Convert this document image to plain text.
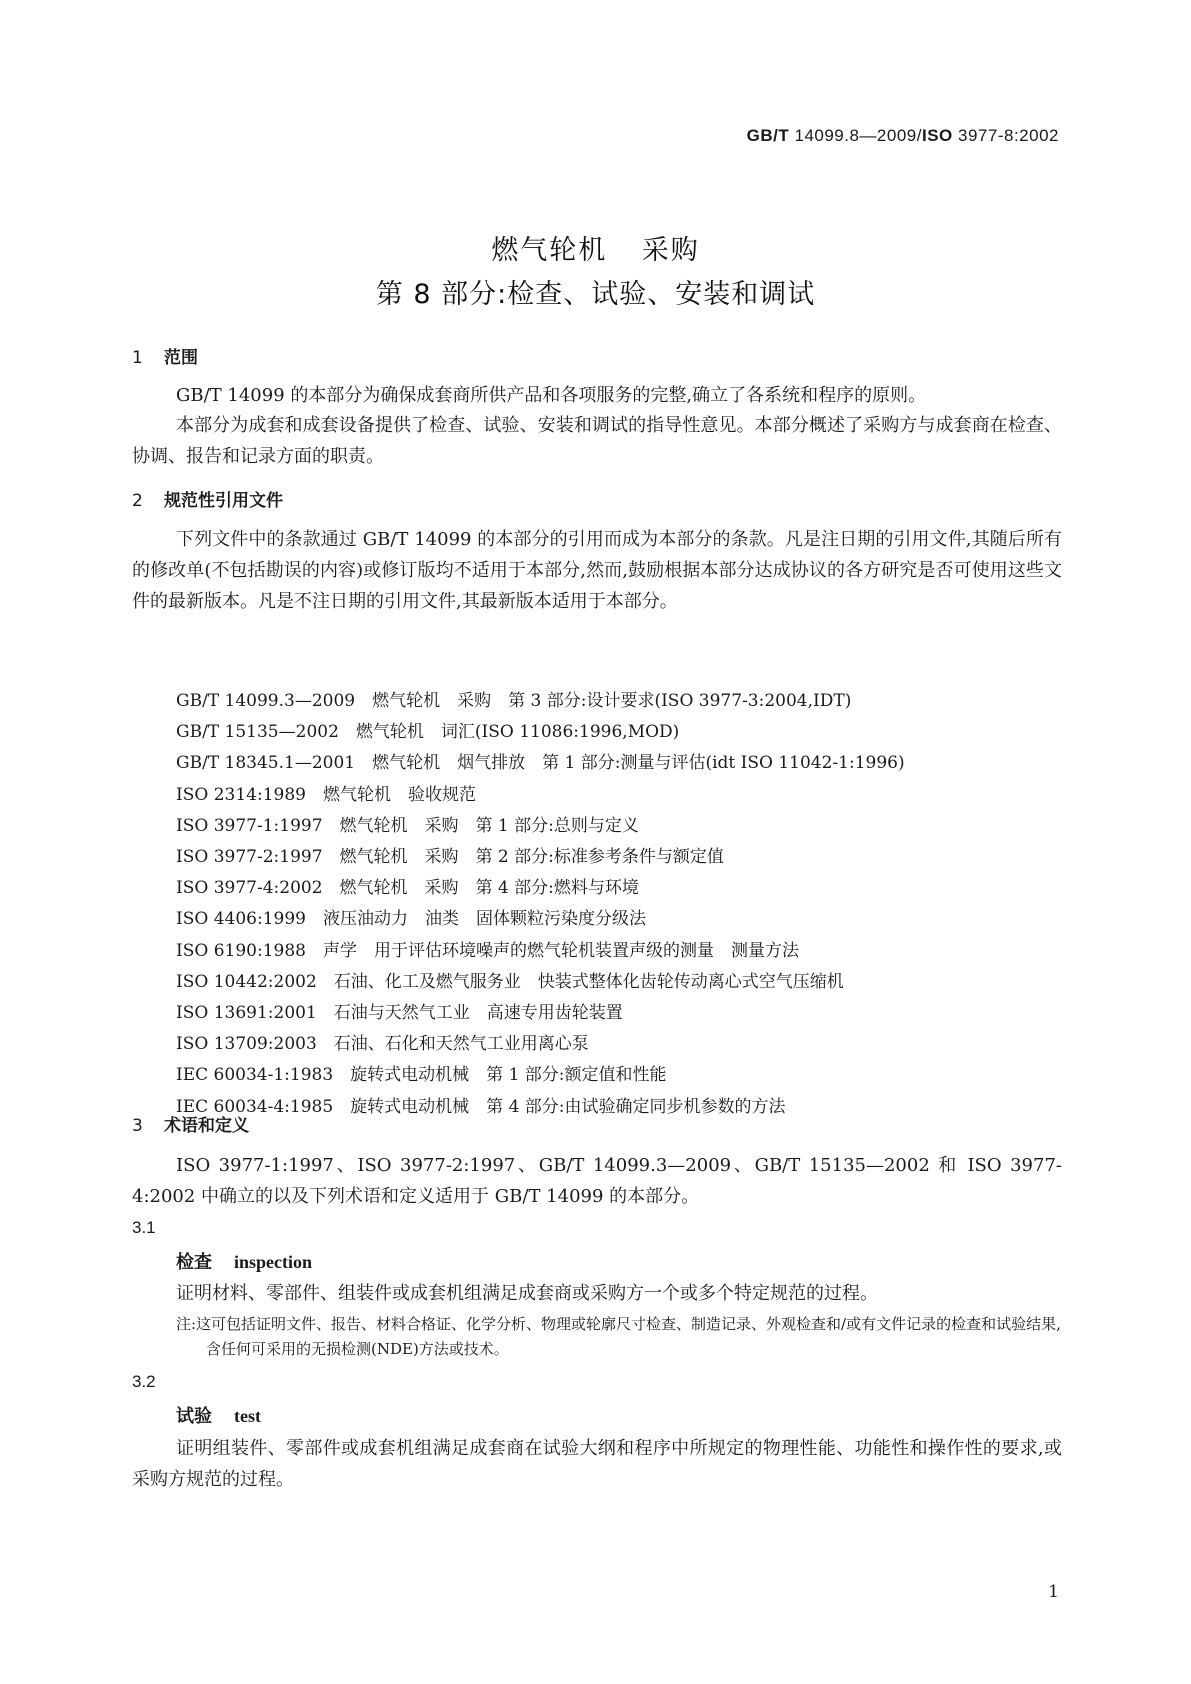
GB/T 14099.8—2009/ISO 3977-8:2002
燃气轮机 采购
第 8 部分:检查、试验、安装和调试
1 范围
GB/T 14099 的本部分为确保成套商所供产品和各项服务的完整,确立了各系统和程序的原则。
本部分为成套和成套设备提供了检查、试验、安装和调试的指导性意见。本部分概述了采购方与成套商在检查、协调、报告和记录方面的职责。
2 规范性引用文件
下列文件中的条款通过 GB/T 14099 的本部分的引用而成为本部分的条款。凡是注日期的引用文件,其随后所有的修改单(不包括勘误的内容)或修订版均不适用于本部分,然而,鼓励根据本部分达成协议的各方研究是否可使用这些文件的最新版本。凡是不注日期的引用文件,其最新版本适用于本部分。
GB/T 14099.3—2009　燃气轮机　采购　第 3 部分:设计要求(ISO 3977-3:2004,IDT)
GB/T 15135—2002　燃气轮机　词汇(ISO 11086:1996,MOD)
GB/T 18345.1—2001　燃气轮机　烟气排放　第 1 部分:测量与评估(idt ISO 11042-1:1996)
ISO 2314:1989　燃气轮机　验收规范
ISO 3977-1:1997　燃气轮机　采购　第 1 部分:总则与定义
ISO 3977-2:1997　燃气轮机　采购　第 2 部分:标准参考条件与额定值
ISO 3977-4:2002　燃气轮机　采购　第 4 部分:燃料与环境
ISO 4406:1999　液压油动力　油类　固体颗粒污染度分级法
ISO 6190:1988　声学　用于评估环境噪声的燃气轮机装置声级的测量　测量方法
ISO 10442:2002　石油、化工及燃气服务业　快装式整体化齿轮传动离心式空气压缩机
ISO 13691:2001　石油与天然气工业　高速专用齿轮装置
ISO 13709:2003　石油、石化和天然气工业用离心泵
IEC 60034-1:1983　旋转式电动机械　第 1 部分:额定值和性能
IEC 60034-4:1985　旋转式电动机械　第 4 部分:由试验确定同步机参数的方法
3 术语和定义
ISO 3977-1:1997、ISO 3977-2:1997、GB/T 14099.3—2009、GB/T 15135—2002 和 ISO 3977-4:2002 中确立的以及下列术语和定义适用于 GB/T 14099 的本部分。
3.1
检查 inspection
证明材料、零部件、组装件或成套机组满足成套商或采购方一个或多个特定规范的过程。
注:这可包括证明文件、报告、材料合格证、化学分析、物理或轮廓尺寸检查、制造记录、外观检查和/或有文件记录的检查和试验结果,含任何可采用的无损检测(NDE)方法或技术。
3.2
试验 test
证明组装件、零部件或成套机组满足成套商在试验大纲和程序中所规定的物理性能、功能性和操作性的要求,或采购方规范的过程。
1
